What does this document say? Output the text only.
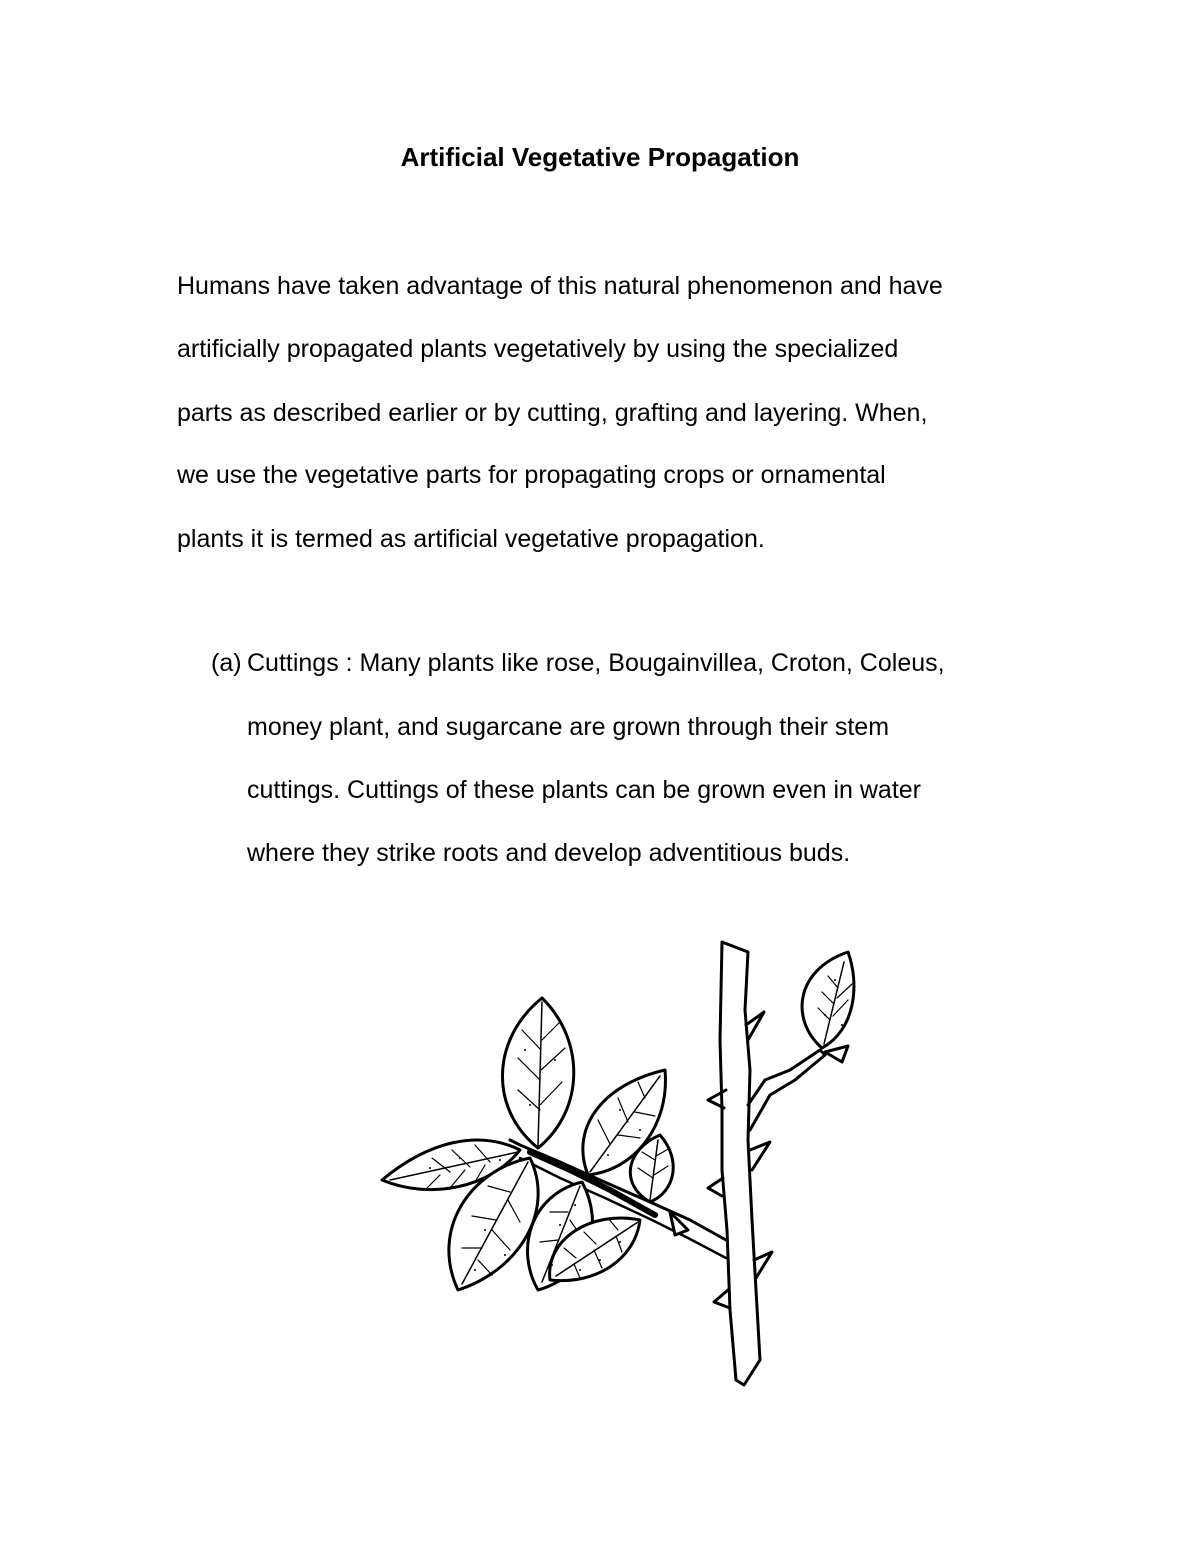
Artificial Vegetative Propagation

Humans have taken advantage of this natural phenomenon and have

artificially propagated plants vegetatively by using the specialized

parts as described earlier or by cutting, grafting and layering. When,

we use the vegetative parts for propagating crops or ornamental

plants it is termed as artificial vegetative propagation.

(a) Cuttings : Many plants like rose, Bougainvillea, Croton, Coleus,

money plant, and sugarcane are grown through their stem

cuttings. Cuttings of these plants can be grown even in water

where they strike roots and develop adventitious buds.
